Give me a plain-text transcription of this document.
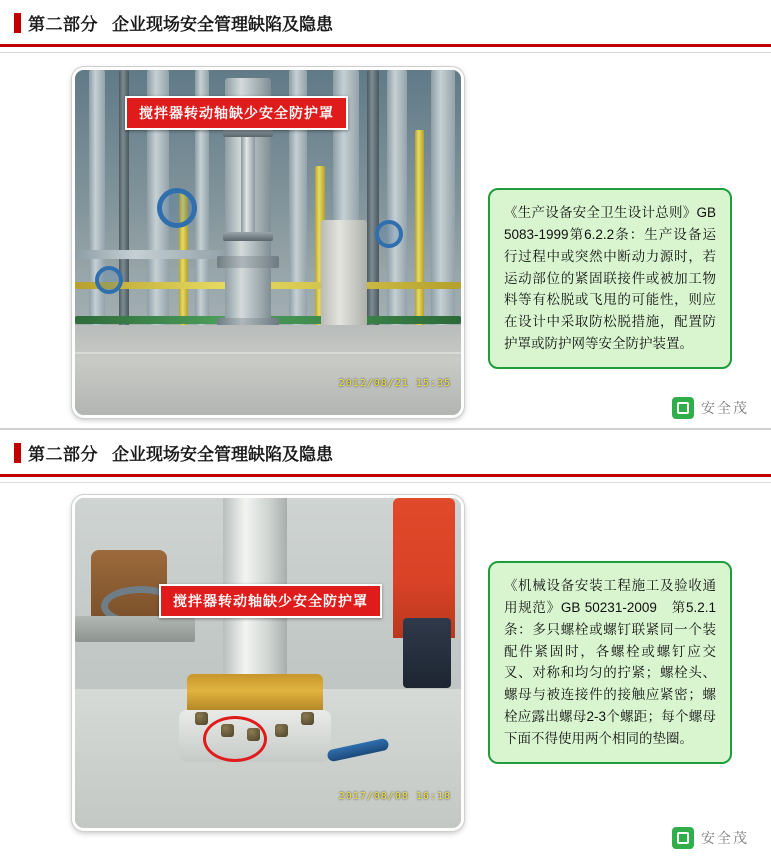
第二部分 企业现场安全管理缺陷及隐患
2012/08/21 15:35
搅拌器转动轴缺少安全防护罩
《生产设备安全卫生设计总则》GB 5083-1999第6.2.2条：生产设备运行过程中或突然中断动力源时，若运动部位的紧固联接件或被加工物料等有松脱或飞甩的可能性，则应在设计中采取防松脱措施，配置防护罩或防护网等安全防护装置。
安全茂
第二部分 企业现场安全管理缺陷及隐患
2017/08/08 16:18
搅拌器转动轴缺少安全防护罩
《机械设备安装工程施工及验收通用规范》GB 50231-2009　第5.2.1条：多只螺栓或螺钉联紧同一个装配件紧固时，各螺栓或螺钉应交叉、对称和均匀的拧紧；螺栓头、螺母与被连接件的接触应紧密；螺栓应露出螺母2-3个螺距；每个螺母下面不得使用两个相同的垫圈。
安全茂
